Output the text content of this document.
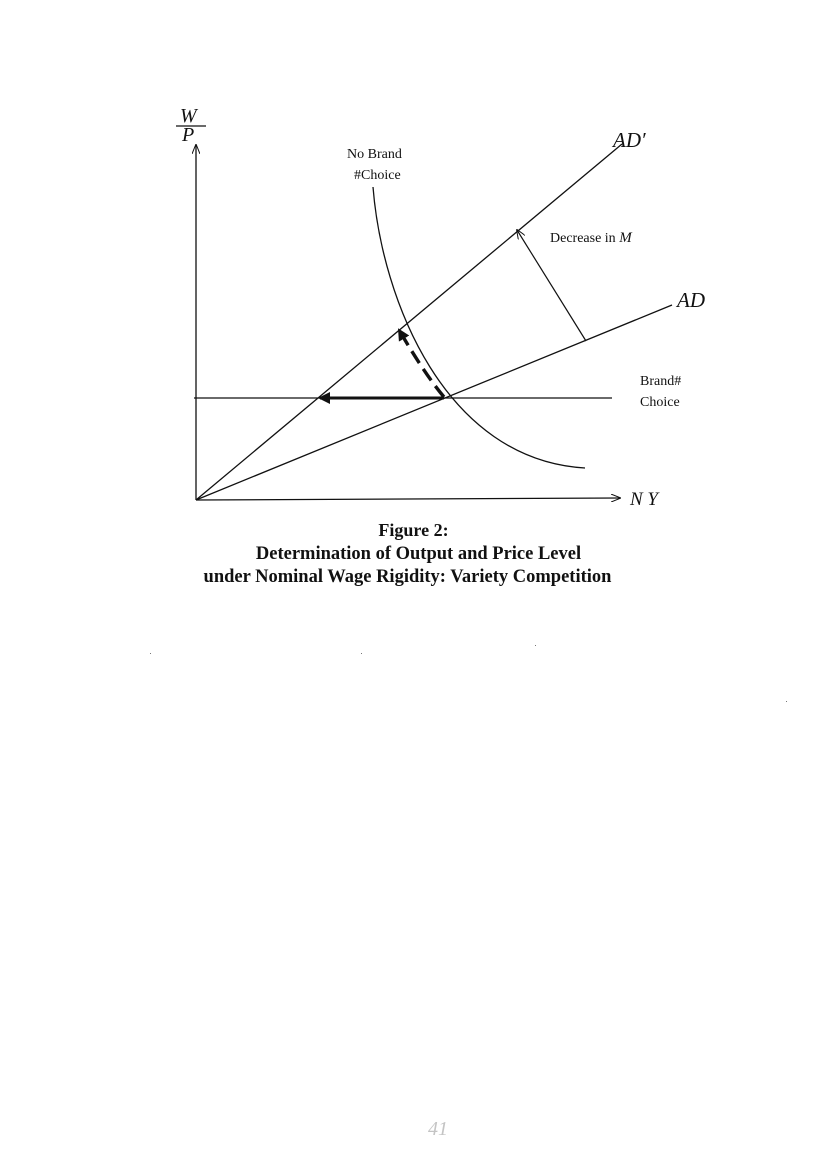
W
P
N Y
AD′
AD
Decrease in M
No Brand
#Choice
Brand#
Choice
Figure 2:
Determination of Output and Price Level
under Nominal Wage Rigidity: Variety Competition
41
